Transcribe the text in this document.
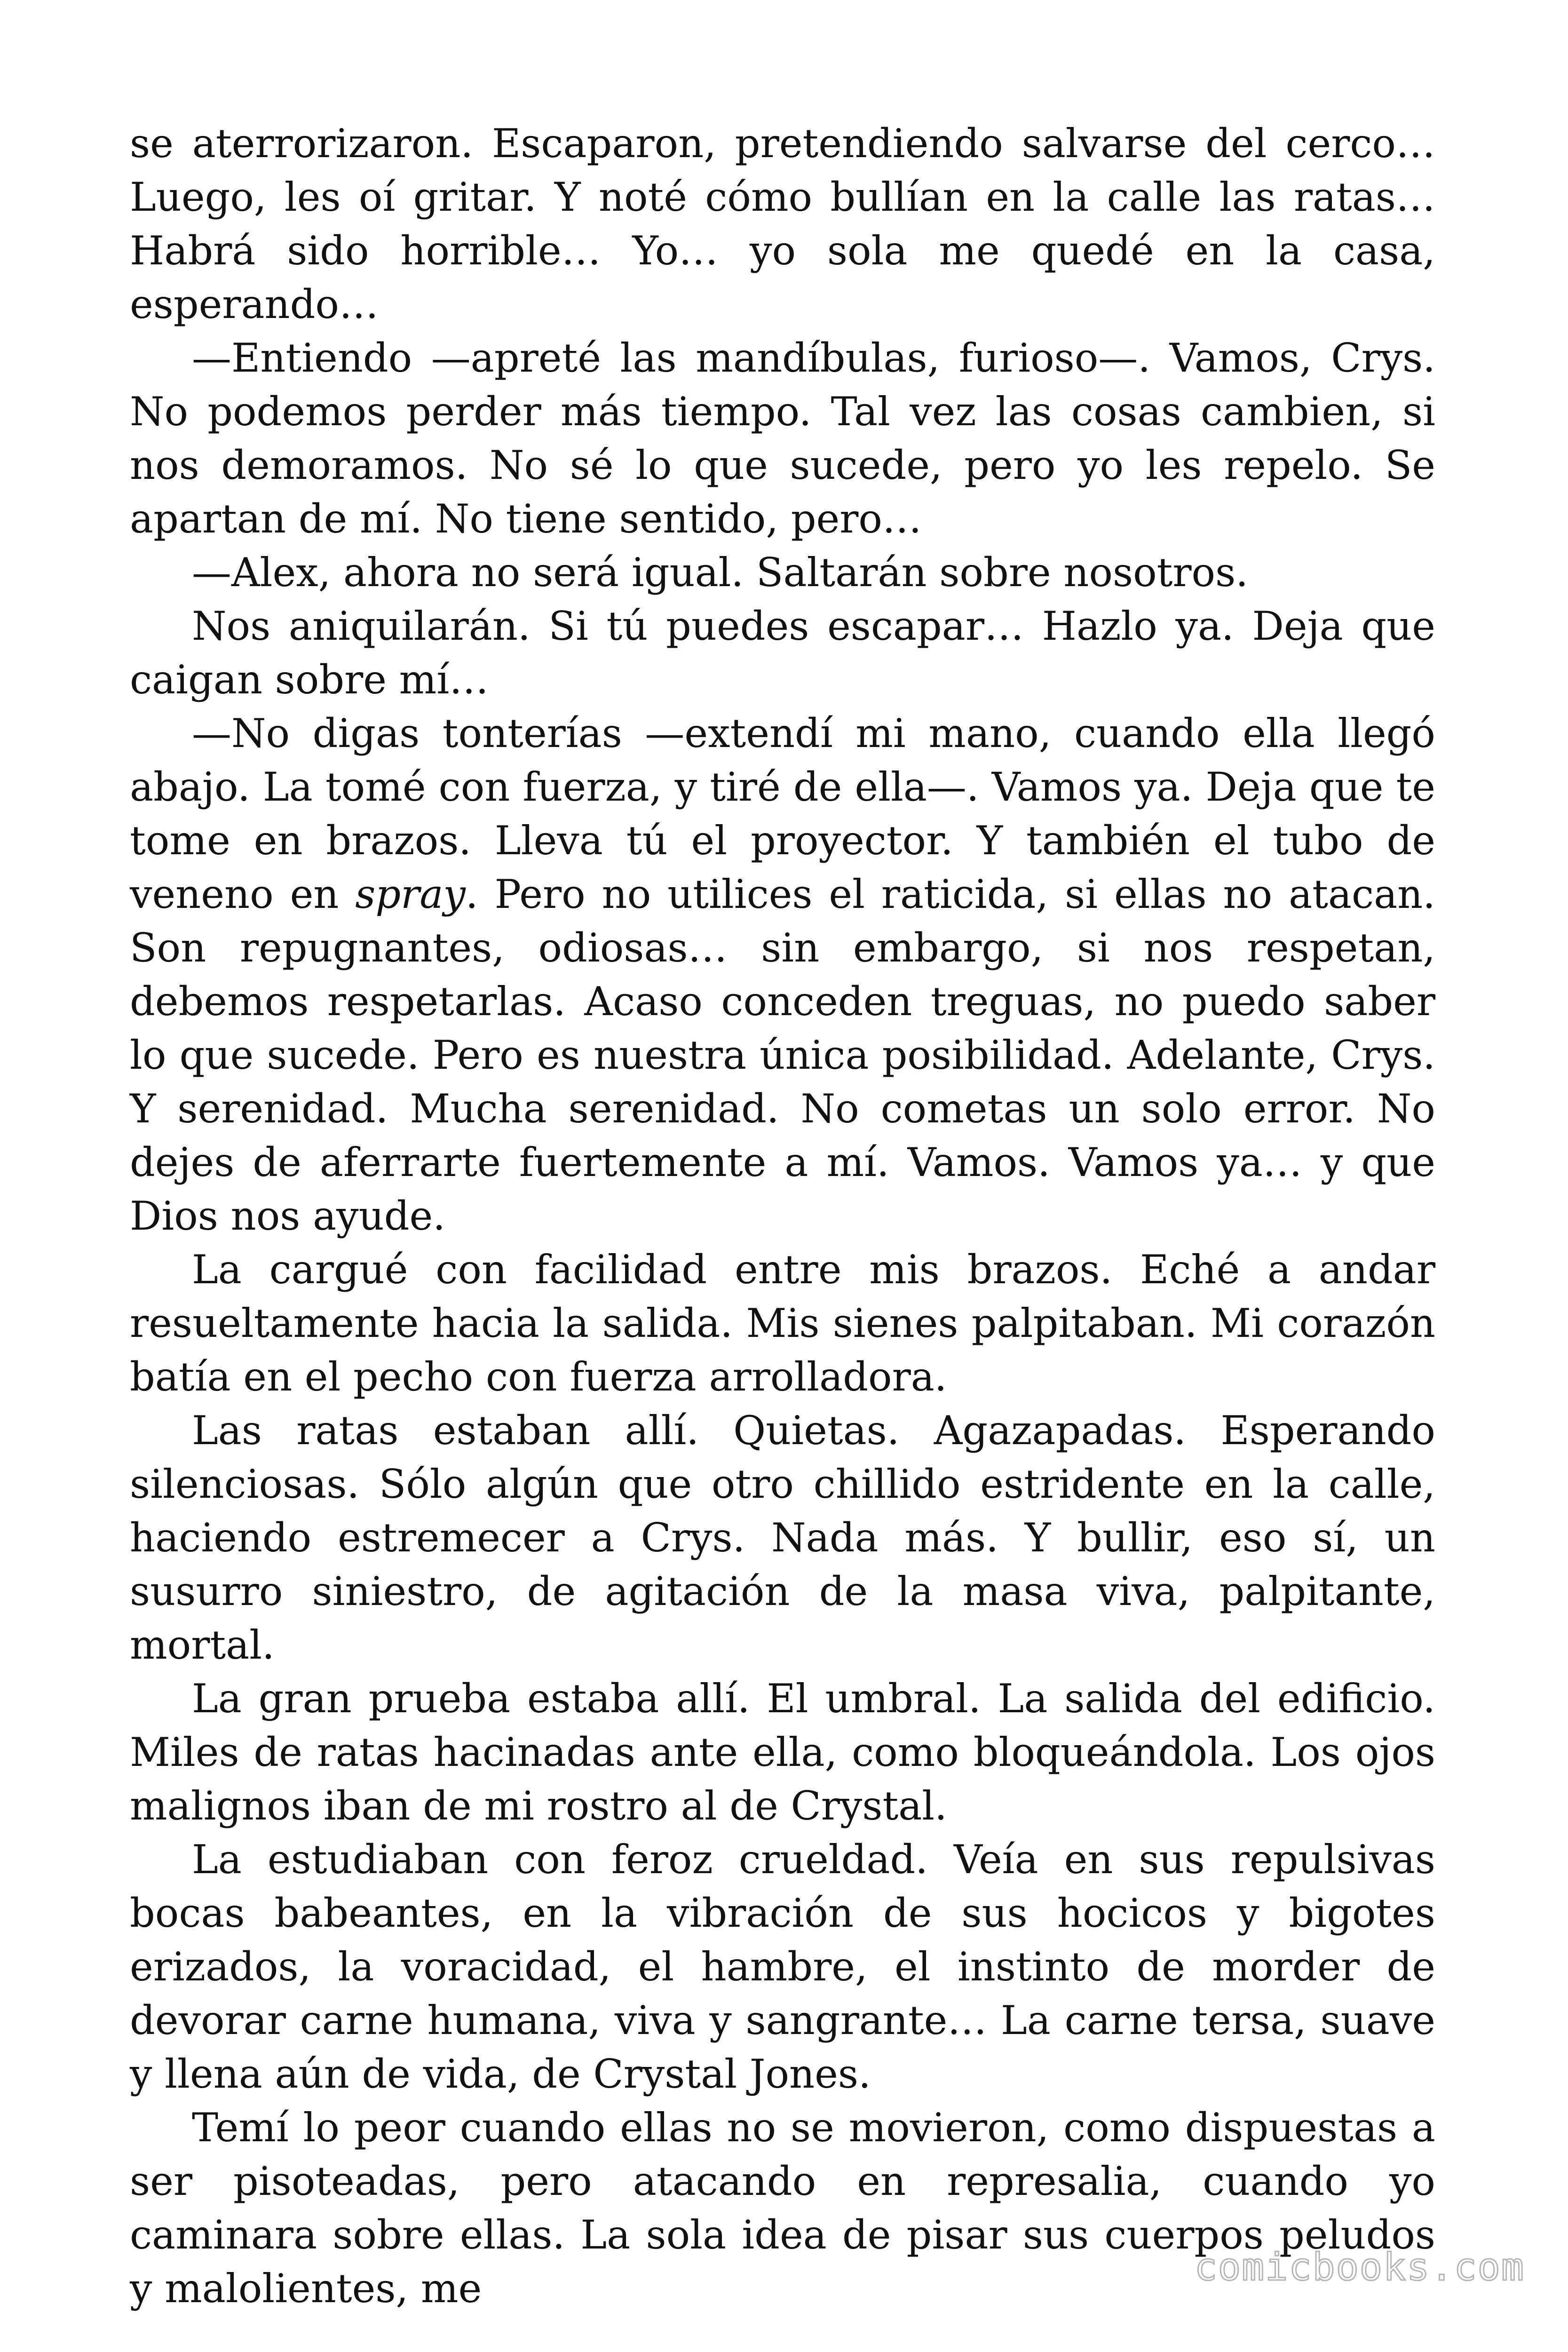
se aterrorizaron. Escaparon, pretendiendo salvarse del cerco… Luego, les oí gritar. Y noté cómo bullían en la calle las ratas… Habrá sido horrible… Yo… yo sola me quedé en la casa, esperando…

—Entiendo —apreté las mandíbulas, furioso—. Vamos, Crys. No podemos perder más tiempo. Tal vez las cosas cambien, si nos demoramos. No sé lo que sucede, pero yo les repelo. Se apartan de mí. No tiene sentido, pero…

—Alex, ahora no será igual. Saltarán sobre nosotros.

Nos aniquilarán. Si tú puedes escapar… Hazlo ya. Deja que caigan sobre mí…

—No digas tonterías —extendí mi mano, cuando ella llegó abajo. La tomé con fuerza, y tiré de ella—. Vamos ya. Deja que te tome en brazos. Lleva tú el proyector. Y también el tubo de veneno en spray. Pero no utilices el raticida, si ellas no atacan. Son repugnantes, odiosas… sin embargo, si nos respetan, debemos respetarlas. Acaso conceden treguas, no puedo saber lo que sucede. Pero es nuestra única posibilidad. Adelante, Crys. Y serenidad. Mucha serenidad. No cometas un solo error. No dejes de aferrarte fuertemente a mí. Vamos. Vamos ya… y que Dios nos ayude.

La cargué con facilidad entre mis brazos. Eché a andar resueltamente hacia la salida. Mis sienes palpitaban. Mi corazón batía en el pecho con fuerza arrolladora.

Las ratas estaban allí. Quietas. Agazapadas. Esperando silenciosas. Sólo algún que otro chillido estridente en la calle, haciendo estremecer a Crys. Nada más. Y bullir, eso sí, un susurro siniestro, de agitación de la masa viva, palpitante, mortal.

La gran prueba estaba allí. El umbral. La salida del edificio. Miles de ratas hacinadas ante ella, como bloqueándola. Los ojos malignos iban de mi rostro al de Crystal.

La estudiaban con feroz crueldad. Veía en sus repulsivas bocas babeantes, en la vibración de sus hocicos y bigotes erizados, la voracidad, el hambre, el instinto de morder de devorar carne humana, viva y sangrante… La carne tersa, suave y llena aún de vida, de Crystal Jones.

Temí lo peor cuando ellas no se movieron, como dispuestas a ser pisoteadas, pero atacando en represalia, cuando yo caminara sobre ellas. La sola idea de pisar sus cuerpos peludos y malolientes, me	comicbooks.com
